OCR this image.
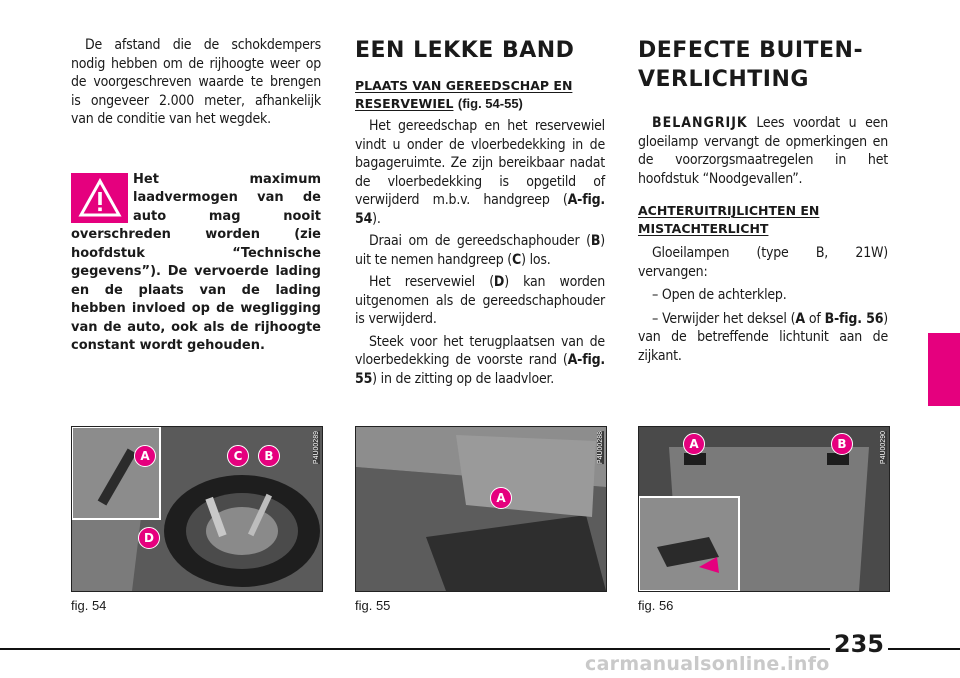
De afstand die de schokdempers nodig hebben om de rijhoogte weer op de voorgeschreven waarde te brengen is ongeveer 2.000 meter, afhankelijk van de conditie van het wegdek.

Het maximum laadvermogen van de auto mag nooit overschreden worden (zie hoofdstuk “Technische gegevens”). De vervoerde lading en de plaats van de lading hebben invloed op de wegligging van de auto, ook als de rijhoogte constant wordt gehouden.

EEN LEKKE BAND

PLAATS VAN GEREEDSCHAP EN RESERVEWIEL (fig. 54-55)

Het gereedschap en het reservewiel vindt u onder de vloerbedekking in de bagageruimte. Ze zijn bereikbaar nadat de vloerbedekking is opgetild of verwijderd m.b.v. handgreep (A-fig. 54).

Draai om de gereedschaphouder (B) uit te nemen handgreep (C) los.

Het reservewiel (D) kan worden uitgenomen als de gereedschaphouder is verwijderd.

Steek voor het terugplaatsen van de vloerbedekking de voorste rand (A-fig. 55) in de zitting op de laadvloer.

DEFECTE BUITEN-
VERLICHTING

BELANGRIJK Lees voordat u een gloeilamp vervangt de opmerkingen en de voorzorgsmaatregelen in het hoofdstuk “Noodgevallen”.

ACHTERUITRIJLICHTEN EN
MISTACHTERLICHT

Gloeilampen (type B, 21W) vervangen:

– Open de achterklep.

– Verwijder het deksel (A of B-fig. 56) van de betreffende lichtunit aan de zijkant.

A	C	B
D
P4U00289
fig. 54
A
P4U00288
fig. 55
A	B	P4U00290
fig. 56
235
carmanualsonline.info
